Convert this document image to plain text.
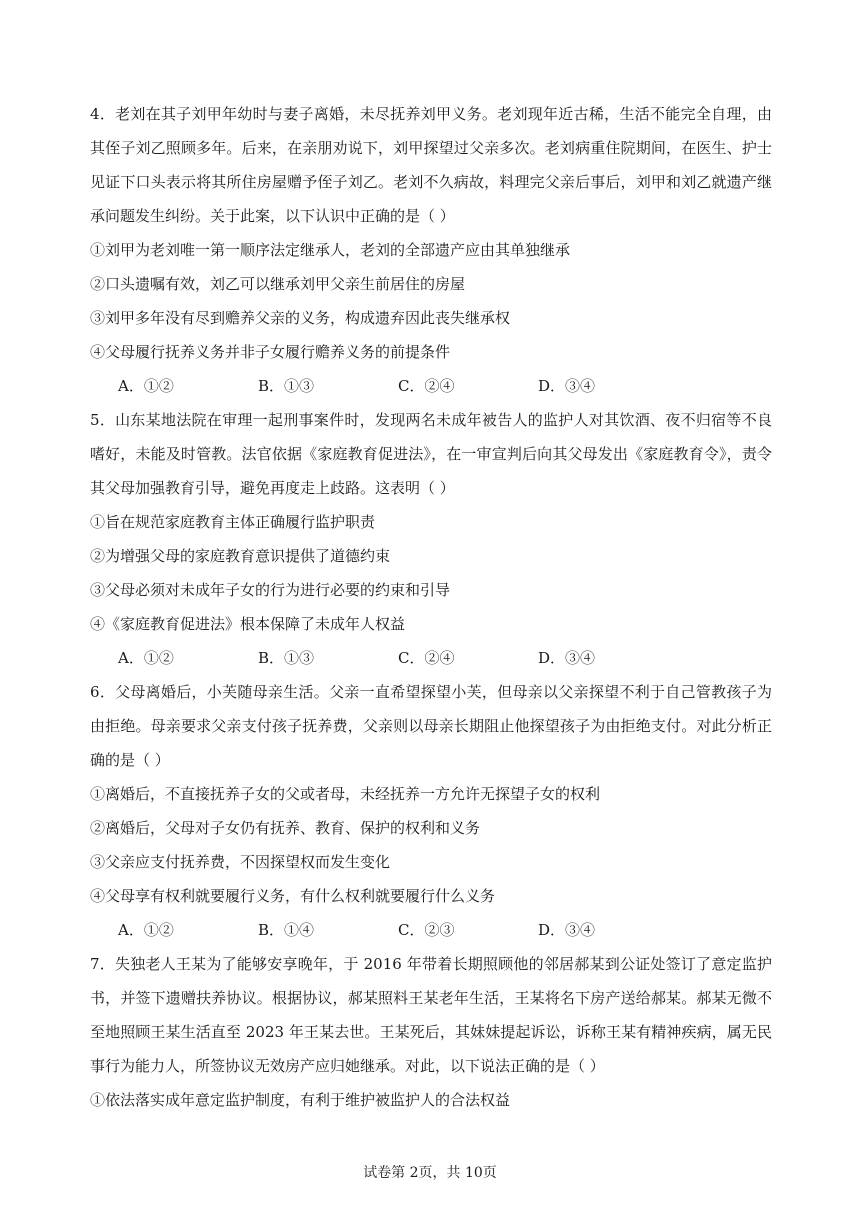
4．老刘在其子刘甲年幼时与妻子离婚，未尽抚养刘甲义务。老刘现年近古稀，生活不能完全自理，由其侄子刘乙照顾多年。后来，在亲朋劝说下，刘甲探望过父亲多次。老刘病重住院期间，在医生、护士见证下口头表示将其所住房屋赠予侄子刘乙。老刘不久病故，料理完父亲后事后，刘甲和刘乙就遗产继承问题发生纠纷。关于此案，以下认识中正确的是（ ）

①刘甲为老刘唯一第一顺序法定继承人，老刘的全部遗产应由其单独继承

②口头遗嘱有效，刘乙可以继承刘甲父亲生前居住的房屋

③刘甲多年没有尽到赡养父亲的义务，构成遗弃因此丧失继承权

④父母履行抚养义务并非子女履行赡养义务的前提条件

A．①②	B．①③	C．②④	D．③④

5．山东某地法院在审理一起刑事案件时，发现两名未成年被告人的监护人对其饮酒、夜不归宿等不良嗜好，未能及时管教。法官依据《家庭教育促进法》，在一审宣判后向其父母发出《家庭教育令》，责令其父母加强教育引导，避免再度走上歧路。这表明（ ）

①旨在规范家庭教育主体正确履行监护职责

②为增强父母的家庭教育意识提供了道德约束

③父母必须对未成年子女的行为进行必要的约束和引导

④《家庭教育促进法》根本保障了未成年人权益

A．①②	B．①③	C．②④	D．③④

6．父母离婚后，小芙随母亲生活。父亲一直希望探望小芙，但母亲以父亲探望不利于自己管教孩子为由拒绝。母亲要求父亲支付孩子抚养费，父亲则以母亲长期阻止他探望孩子为由拒绝支付。对此分析正确的是（ ）

①离婚后，不直接抚养子女的父或者母，未经抚养一方允许无探望子女的权利

②离婚后，父母对子女仍有抚养、教育、保护的权利和义务

③父亲应支付抚养费，不因探望权而发生变化

④父母享有权利就要履行义务，有什么权利就要履行什么义务

A．①②	B．①④	C．②③	D．③④

7．失独老人王某为了能够安享晚年，于 2016 年带着长期照顾他的邻居郝某到公证处签订了意定监护书，并签下遗赠扶养协议。根据协议，郝某照料王某老年生活，王某将名下房产送给郝某。郝某无微不至地照顾王某生活直至 2023 年王某去世。王某死后，其妹妹提起诉讼，诉称王某有精神疾病，属无民事行为能力人，所签协议无效房产应归她继承。对此，以下说法正确的是（ ）

①依法落实成年意定监护制度，有利于维护被监护人的合法权益

试卷第 2页，共 10页
